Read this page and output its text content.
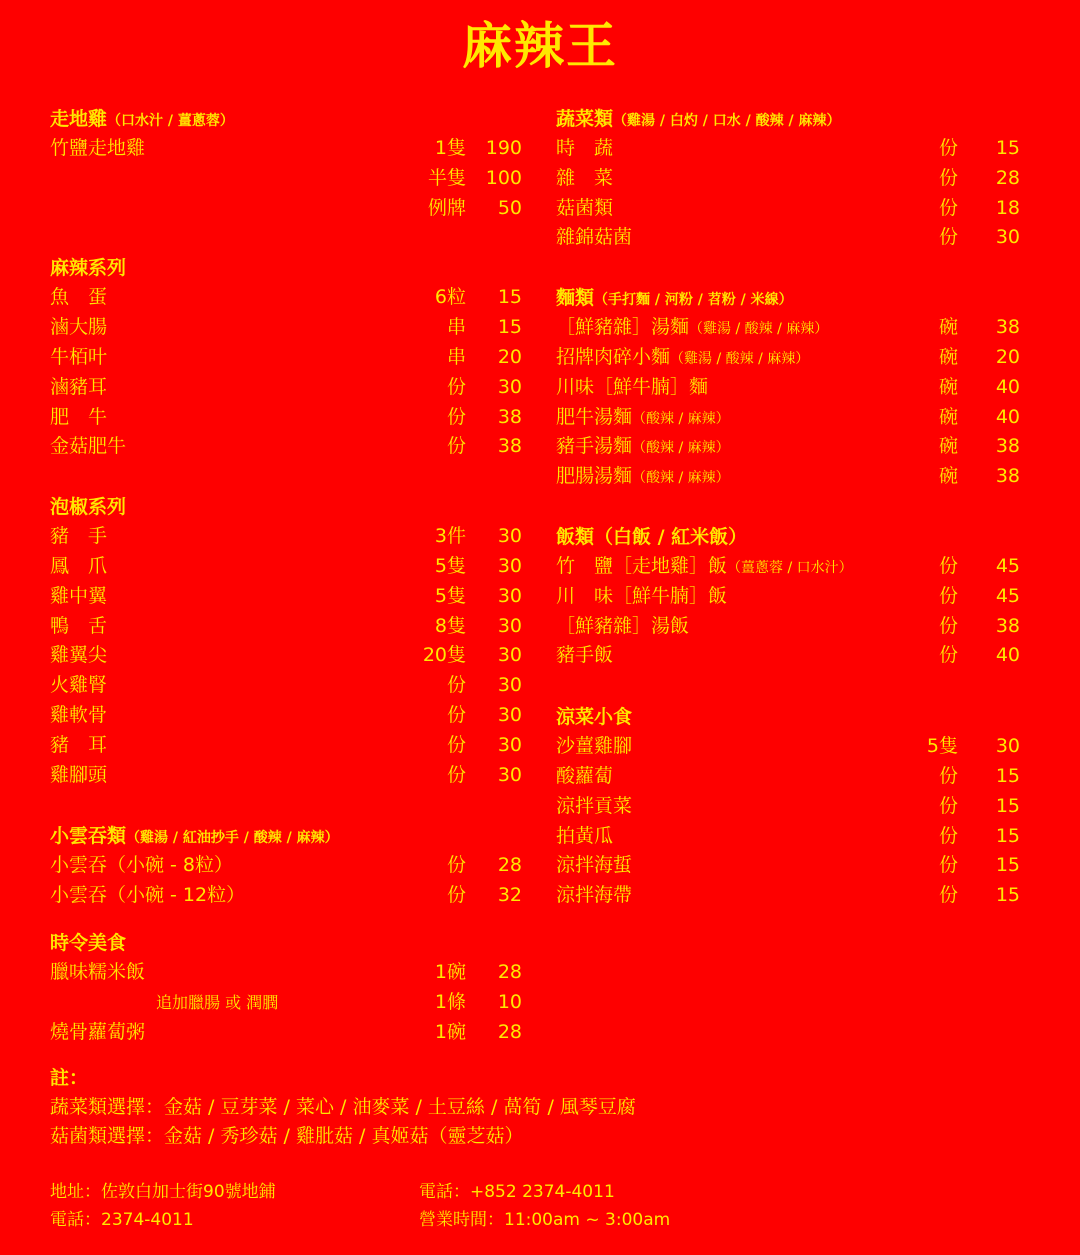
麻辣王
走地雞（口水汁 / 薑蔥蓉）
竹鹽走地雞	1隻 190
半隻 100
例牌 50
麻辣系列
魚　蛋	6粒 15
滷大腸	串 15
牛栢叶	串 20
滷豬耳	份 30
肥　牛	份 38
金菇肥牛	份 38
泡椒系列
豬　手	3件 30
鳳　爪	5隻 30
雞中翼	5隻 30
鴨　舌	8隻 30
雞翼尖	20隻 30
火雞腎	份 30
雞軟骨	份 30
豬　耳	份 30
雞腳頭	份 30
小雲吞類（雞湯 / 紅油抄手 / 酸辣 / 麻辣）
小雲吞（小碗 - 8粒）	份 28
小雲吞（小碗 - 12粒）	份 32
時令美食
臘味糯米飯	1碗 28
追加臘腸 或 潤膶	1條 10
燒骨蘿蔔粥	1碗 28
蔬菜類（雞湯 / 白灼 / 口水 / 酸辣 / 麻辣）
時　蔬	份 15
雜　菜	份 28
菇菌類	份 18
雜錦菇菌	份 30
麵類（手打麵 / 河粉 / 苕粉 / 米線）
［鮮豬雜］湯麵（雞湯 / 酸辣 / 麻辣）	碗 38
招牌肉碎小麵（雞湯 / 酸辣 / 麻辣）	碗 20
川味［鮮牛腩］麵	碗 40
肥牛湯麵（酸辣 / 麻辣）	碗 40
豬手湯麵（酸辣 / 麻辣）	碗 38
肥腸湯麵（酸辣 / 麻辣）	碗 38
飯類（白飯 / 紅米飯）
竹　鹽［走地雞］飯（薑蔥蓉 / 口水汁）	份 45
川　味［鮮牛腩］飯	份 45
［鮮豬雜］湯飯	份 38
豬手飯	份 40
涼菜小食
沙薑雞腳	5隻 30
酸蘿蔔	份 15
涼拌貢菜	份 15
拍黃瓜	份 15
涼拌海蜇	份 15
涼拌海帶	份 15
註：
蔬菜類選擇：金菇 / 豆芽菜 / 菜心 / 油麥菜 / 土豆絲 / 萵筍 / 風琴豆腐
菇菌類選擇：金菇 / 秀珍菇 / 雞肶菇 / 真姬菇（靈芝菇）
地址：佐敦白加士街90號地鋪
電話：2374-4011
電話：+852 2374-4011
營業時間：11:00am ~ 3:00am
